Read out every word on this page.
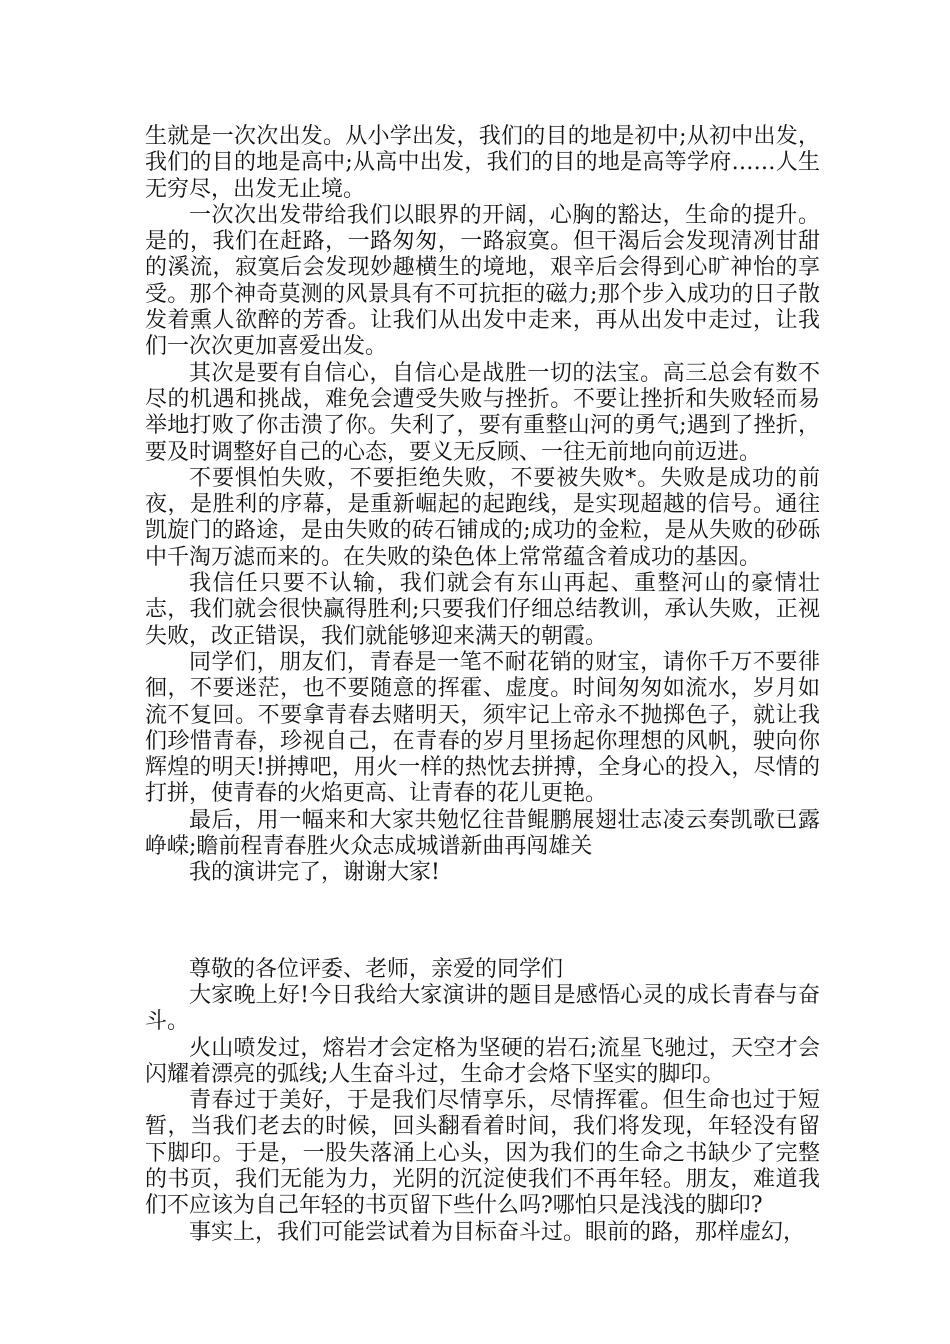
生就是一次次出发。从小学出发，我们的目的地是初中;从初中出发，我们的目的地是高中;从高中出发，我们的目的地是高等学府……人生无穷尽，出发无止境。

一次次出发带给我们以眼界的开阔，心胸的豁达，生命的提升。是的，我们在赶路，一路匆匆，一路寂寞。但干渴后会发现清冽甘甜的溪流，寂寞后会发现妙趣横生的境地，艰辛后会得到心旷神怡的享受。那个神奇莫测的风景具有不可抗拒的磁力;那个步入成功的日子散发着熏人欲醉的芳香。让我们从出发中走来，再从出发中走过，让我们一次次更加喜爱出发。

其次是要有自信心，自信心是战胜一切的法宝。高三总会有数不尽的机遇和挑战，难免会遭受失败与挫折。不要让挫折和失败轻而易举地打败了你击溃了你。失利了，要有重整山河的勇气;遇到了挫折，要及时调整好自己的心态，要义无反顾、一往无前地向前迈进。

不要惧怕失败，不要拒绝失败，不要被失败*。失败是成功的前夜，是胜利的序幕，是重新崛起的起跑线，是实现超越的信号。通往凯旋门的路途，是由失败的砖石铺成的;成功的金粒，是从失败的砂砾中千淘万滤而来的。在失败的染色体上常常蕴含着成功的基因。

我信任只要不认输，我们就会有东山再起、重整河山的豪情壮志，我们就会很快赢得胜利;只要我们仔细总结教训，承认失败，正视失败，改正错误，我们就能够迎来满天的朝霞。

同学们，朋友们，青春是一笔不耐花销的财宝，请你千万不要徘徊，不要迷茫，也不要随意的挥霍、虚度。时间匆匆如流水，岁月如流不复回。不要拿青春去赌明天，须牢记上帝永不抛掷色子，就让我们珍惜青春，珍视自己，在青春的岁月里扬起你理想的风帆，驶向你辉煌的明天!拼搏吧，用火一样的热忱去拼搏，全身心的投入，尽情的打拼，使青春的火焰更高、让青春的花儿更艳。

最后，用一幅来和大家共勉忆往昔鲲鹏展翅壮志凌云奏凯歌已露峥嵘;瞻前程青春胜火众志成城谱新曲再闯雄关

我的演讲完了，谢谢大家!

尊敬的各位评委、老师，亲爱的同学们

大家晚上好!今日我给大家演讲的题目是感悟心灵的成长青春与奋斗。

火山喷发过，熔岩才会定格为坚硬的岩石;流星飞驰过，天空才会闪耀着漂亮的弧线;人生奋斗过，生命才会烙下坚实的脚印。

青春过于美好，于是我们尽情享乐，尽情挥霍。但生命也过于短暂，当我们老去的时候，回头翻看着时间，我们将发现，年轻没有留下脚印。于是，一股失落涌上心头，因为我们的生命之书缺少了完整的书页，我们无能为力，光阴的沉淀使我们不再年轻。朋友，难道我们不应该为自己年轻的书页留下些什么吗?哪怕只是浅浅的脚印?

事实上，我们可能尝试着为目标奋斗过。眼前的路，那样虚幻，
